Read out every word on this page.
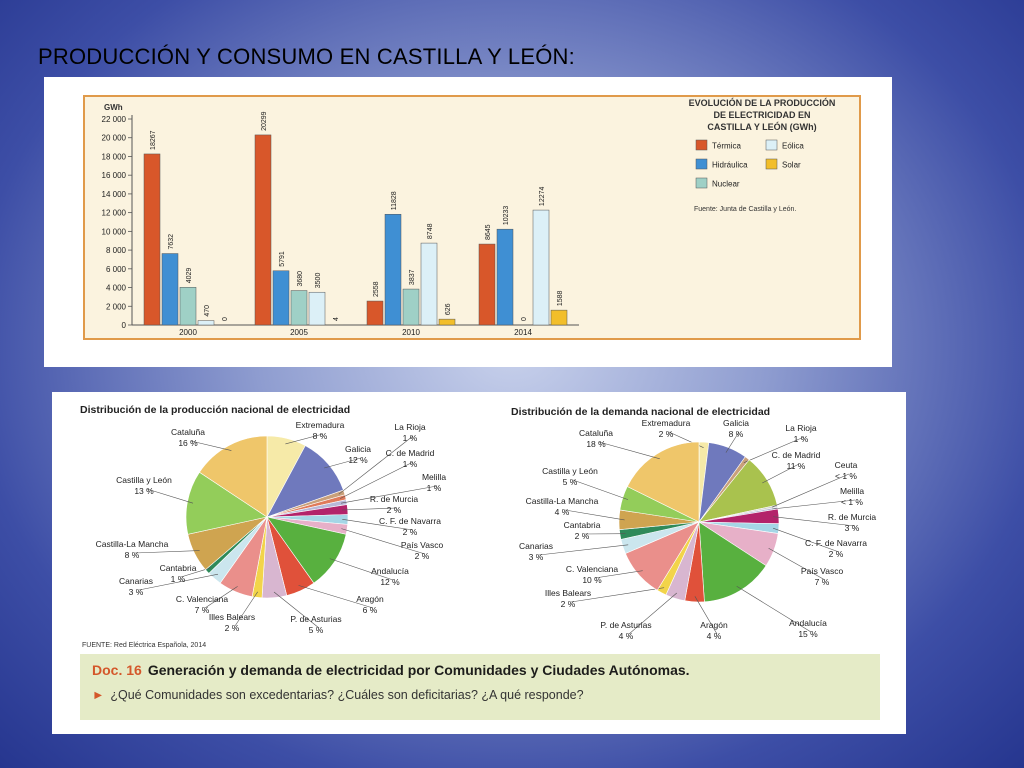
PRODUCCIÓN Y CONSUMO EN CASTILLA Y LEÓN:
GWh
0
2 000
4 000
6 000
8 000
10 000
12 000
14 000
16 000
18 000
20 000
22 000
18267
7632
4029
470
0
2000
20299
5791
3680 3500
4
2005
2558
11828
3837
8748
626
2010
8645
10233
0
12274
1588
2014
EVOLUCIÓN DE LA PRODUCCIÓN
DE ELECTRICIDAD EN
CASTILLA Y LEÓN (GWh)
Térmica
Hidráulica
Nuclear
Eólica
Solar
Fuente: Junta de Castilla y León.
Distribución de la producción nacional de electricidad
Extremadura
8 %
Galicia
12 %
La Rioja
1 %
C. de Madrid
1 %
Melilla
1 %
R. de Murcia
2 %
C. F. de Navarra
2 %
País Vasco
2 %
Andalucía
12 %
Aragón
6 %
P. de Asturias
5 %
Illes Balears
2 %
C. Valenciana
7 %
Canarias
3 %
Cantabria
1 %
Castilla-La Mancha
8 %
Castilla y León
13 %
Cataluña
16 %
Distribución de la demanda nacional de electricidad
Extremadura
2 %
Galicia
8 %
La Rioja
1 %
C. de Madrid
11 %	Ceuta
< 1 %
Melilla
< 1 %
R. de Murcia
3 %
C. F. de Navarra
2 %
País Vasco
7 %
Andalucía
15 %
Aragón
4 %
P. de Asturias
4 %
Illes Balears
2 %
C. Valenciana
10 %
Canarias
3 %
Cantabria
2 %
Castilla-La Mancha
4 %
Castilla y León
5 %
Cataluña
18 %
FUENTE: Red Eléctrica Española, 2014
Doc. 16 Generación y demanda de electricidad por Comunidades y Ciudades Autónomas.
► ¿Qué Comunidades son excedentarias? ¿Cuáles son deficitarias? ¿A qué responde?
